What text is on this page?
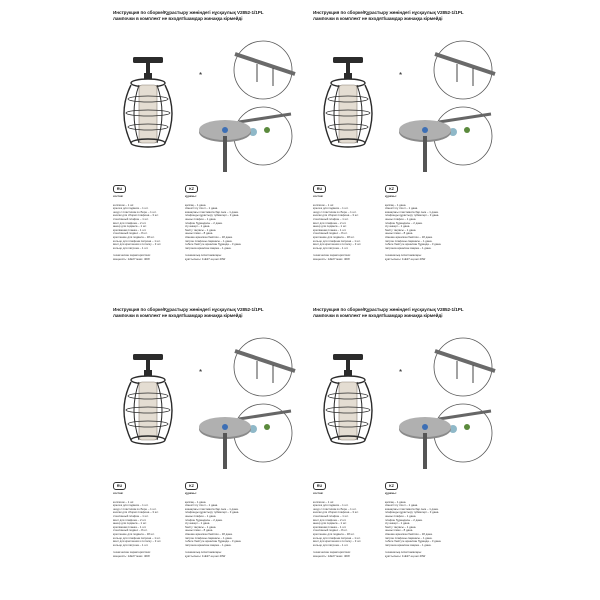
Инструкция по сборке/Құрастыру жөніндегі нұсқаулық V2852-1/1PL
лампочки в комплект не входят/шамдар жинаққа кірмейді
*
RU
состав:
колпачок – 1 шт.
крючок для подвеса – 1 шт.
шнур с пластиком в сборе – 1 шт.
кнопки для сборки плафона – 3 шт.
стеклянный плафон – 1 шт.
винт для плафона – 2 шт.
анкер для подвеса – 1 шт.
крепёжная планка – 1 шт.
стеклянный подвес – 8 шт.
крепление для подвеса – 18 шт.
кольцо для плафона патрона – 1 шт.
винт для крепления к потолку – 3 шт.
кольцо для патрона – 1 шт.
технические характеристики:
мощность: 1xE27 макс. 40W
KZ
құрамы:
қалпақ – 1 дана.
ілмекті ілу ілгегі – 1 дана.
жинақтағы пластмасса бар сым – 1 дана.
плафонды құрастыру түймелері – 3 дана.
шыны плафон – 1 дана.
плафон бұрандасы – 2 дана.
ілу анкері – 1 дана.
бекіту тақтасы – 1 дана.
шыны ілмек – 8 дана.
ілмекке арналған бекіткіш – 18 дана.
патрон плафоны сақинасы – 1 дана.
төбеге бекітуге арналған бұранда – 3 дана.
патронға арналған сақина – 1 дана.
техникалық сипаттамалары:
қуаттылығы: 1xE27 ең көп 40W
Инструкция по сборке/Құрастыру жөніндегі нұсқаулық V2852-1/1PL
лампочки в комплект не входят/шамдар жинаққа кірмейді
*
RU
состав:
колпачок – 1 шт.
крючок для подвеса – 1 шт.
шнур с пластиком в сборе – 1 шт.
кнопки для сборки плафона – 3 шт.
стеклянный плафон – 1 шт.
винт для плафона – 2 шт.
анкер для подвеса – 1 шт.
крепёжная планка – 1 шт.
стеклянный подвес – 8 шт.
крепление для подвеса – 18 шт.
кольцо для плафона патрона – 1 шт.
винт для крепления к потолку – 3 шт.
кольцо для патрона – 1 шт.
технические характеристики:
мощность: 1xE27 макс. 40W
KZ
құрамы:
қалпақ – 1 дана.
ілмекті ілу ілгегі – 1 дана.
жинақтағы пластмасса бар сым – 1 дана.
плафонды құрастыру түймелері – 3 дана.
шыны плафон – 1 дана.
плафон бұрандасы – 2 дана.
ілу анкері – 1 дана.
бекіту тақтасы – 1 дана.
шыны ілмек – 8 дана.
ілмекке арналған бекіткіш – 18 дана.
патрон плафоны сақинасы – 1 дана.
төбеге бекітуге арналған бұранда – 3 дана.
патронға арналған сақина – 1 дана.
техникалық сипаттамалары:
қуаттылығы: 1xE27 ең көп 40W
Инструкция по сборке/Құрастыру жөніндегі нұсқаулық V2852-1/1PL
лампочки в комплект не входят/шамдар жинаққа кірмейді
*
RU
состав:
колпачок – 1 шт.
крючок для подвеса – 1 шт.
шнур с пластиком в сборе – 1 шт.
кнопки для сборки плафона – 3 шт.
стеклянный плафон – 1 шт.
винт для плафона – 2 шт.
анкер для подвеса – 1 шт.
крепёжная планка – 1 шт.
стеклянный подвес – 8 шт.
крепление для подвеса – 18 шт.
кольцо для плафона патрона – 1 шт.
винт для крепления к потолку – 3 шт.
кольцо для патрона – 1 шт.
технические характеристики:
мощность: 1xE27 макс. 40W
KZ
құрамы:
қалпақ – 1 дана.
ілмекті ілу ілгегі – 1 дана.
жинақтағы пластмасса бар сым – 1 дана.
плафонды құрастыру түймелері – 3 дана.
шыны плафон – 1 дана.
плафон бұрандасы – 2 дана.
ілу анкері – 1 дана.
бекіту тақтасы – 1 дана.
шыны ілмек – 8 дана.
ілмекке арналған бекіткіш – 18 дана.
патрон плафоны сақинасы – 1 дана.
төбеге бекітуге арналған бұранда – 3 дана.
патронға арналған сақина – 1 дана.
техникалық сипаттамалары:
қуаттылығы: 1xE27 ең көп 40W
Инструкция по сборке/Құрастыру жөніндегі нұсқаулық V2852-1/1PL
лампочки в комплект не входят/шамдар жинаққа кірмейді
*
RU
состав:
колпачок – 1 шт.
крючок для подвеса – 1 шт.
шнур с пластиком в сборе – 1 шт.
кнопки для сборки плафона – 3 шт.
стеклянный плафон – 1 шт.
винт для плафона – 2 шт.
анкер для подвеса – 1 шт.
крепёжная планка – 1 шт.
стеклянный подвес – 8 шт.
крепление для подвеса – 18 шт.
кольцо для плафона патрона – 1 шт.
винт для крепления к потолку – 3 шт.
кольцо для патрона – 1 шт.
технические характеристики:
мощность: 1xE27 макс. 40W
KZ
құрамы:
қалпақ – 1 дана.
ілмекті ілу ілгегі – 1 дана.
жинақтағы пластмасса бар сым – 1 дана.
плафонды құрастыру түймелері – 3 дана.
шыны плафон – 1 дана.
плафон бұрандасы – 2 дана.
ілу анкері – 1 дана.
бекіту тақтасы – 1 дана.
шыны ілмек – 8 дана.
ілмекке арналған бекіткіш – 18 дана.
патрон плафоны сақинасы – 1 дана.
төбеге бекітуге арналған бұранда – 3 дана.
патронға арналған сақина – 1 дана.
техникалық сипаттамалары:
қуаттылығы: 1xE27 ең көп 40W
